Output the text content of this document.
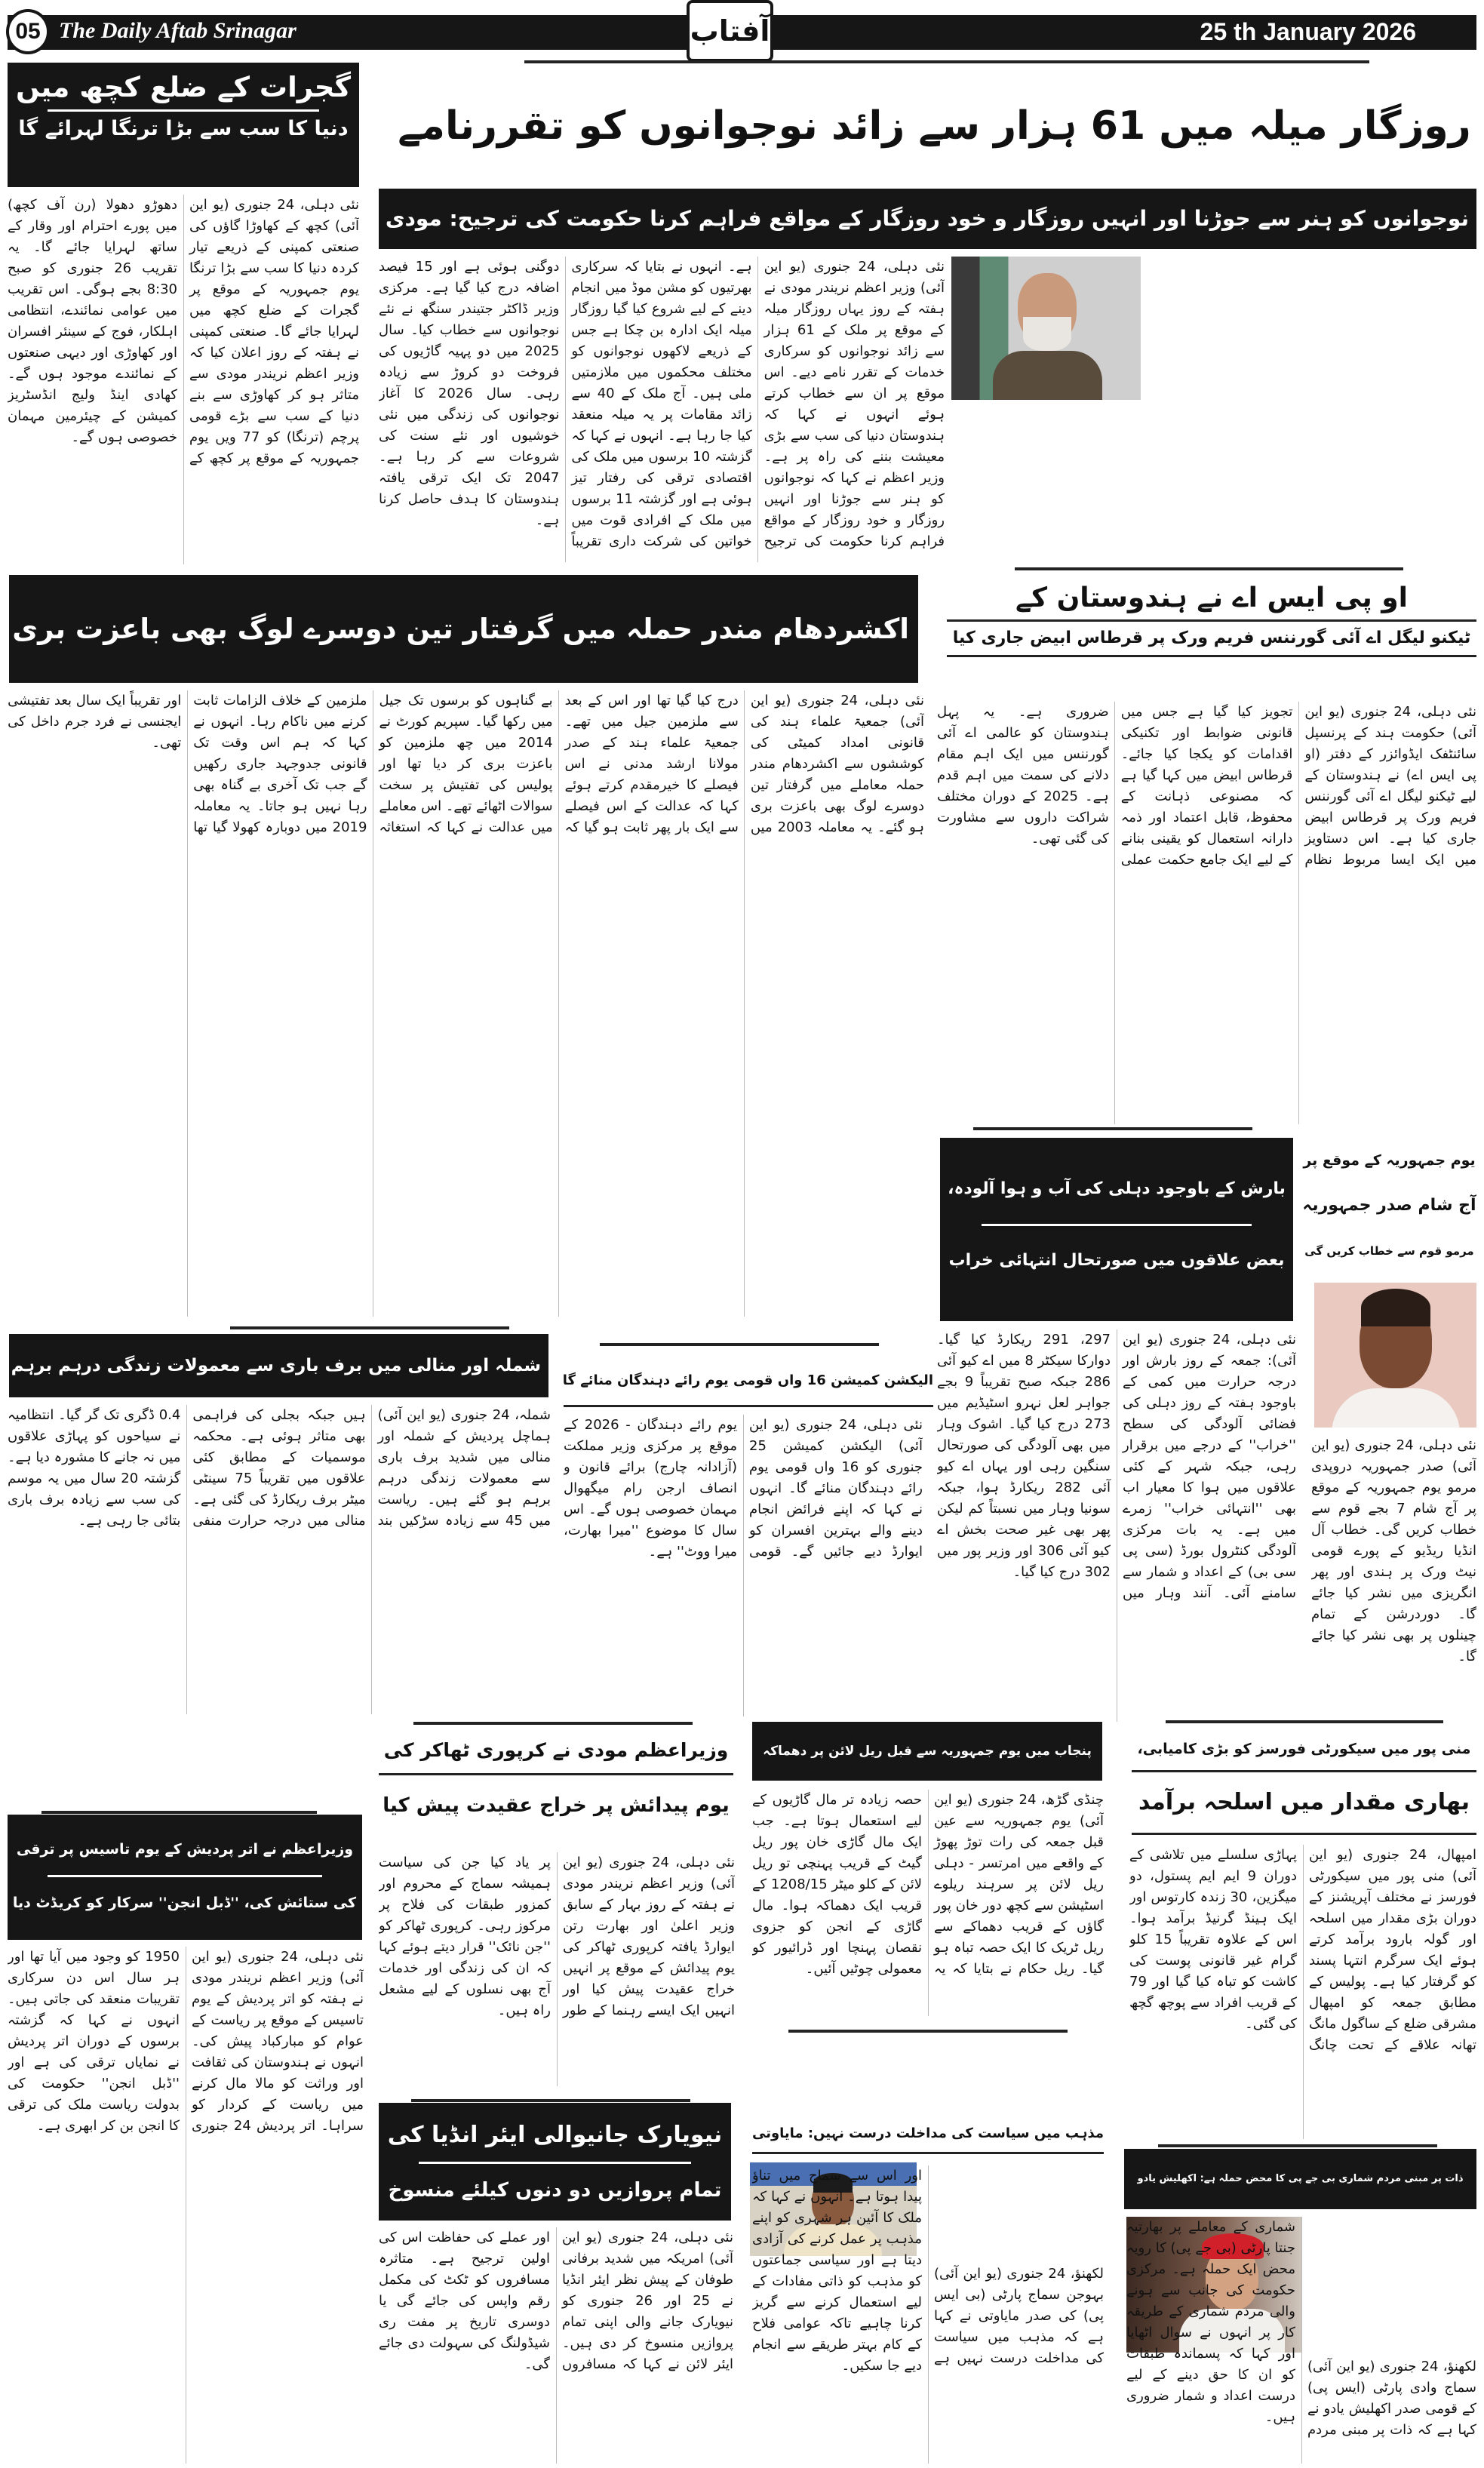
05 The Daily Aftab Srinagar	آفتاب	25 th January 2026
گجرات کے ضلع کچھ میں
دنیا کا سب سے بڑا ترنگا لہرائے گا
نئی دہلی، 24 جنوری (یو این آئی) کچھ کے کھاوڑا گاؤں کی صنعتی کمپنی کے ذریعے تیار کردہ دنیا کا سب سے بڑا ترنگا یوم جمہوریہ کے موقع پر گجرات کے ضلع کچھ میں لہرایا جائے گا۔ صنعتی کمپنی نے ہفتہ کے روز اعلان کیا کہ وزیر اعظم نریندر مودی سے متاثر ہو کر کھاوڑی سے بنے دنیا کے سب سے بڑے قومی پرچم (ترنگا) کو 77 ویں یوم جمہوریہ کے موقع پر کچھ کے دھوڑو دھولا (رن آف کچھ) میں پورے احترام اور وقار کے ساتھ لہرایا جائے گا۔ یہ تقریب 26 جنوری کو صبح 8:30 بجے ہوگی۔ اس تقریب میں عوامی نمائندے، انتظامی اہلکار، فوج کے سینئر افسران اور کھاوڑی اور دیہی صنعتوں کے نمائندے موجود ہوں گے۔ کھادی اینڈ ولیج انڈسٹریز کمیشن کے چیئرمین مہمان خصوصی ہوں گے۔
روزگار میلہ میں 61 ہزار سے زائد نوجوانوں کو تقررنامے
نوجوانوں کو ہنر سے جوڑنا اور انہیں روزگار و خود روزگار کے مواقع فراہم کرنا حکومت کی ترجیح: مودی
نئی دہلی، 24 جنوری (یو این آئی) وزیر اعظم نریندر مودی نے ہفتہ کے روز یہاں روزگار میلہ کے موقع پر ملک کے 61 ہزار سے زائد نوجوانوں کو سرکاری خدمات کے تقرر نامے دیے۔ اس موقع پر ان سے خطاب کرتے ہوئے انہوں نے کہا کہ ہندوستان دنیا کی سب سے بڑی معیشت بننے کی راہ پر ہے۔ وزیر اعظم نے کہا کہ نوجوانوں کو ہنر سے جوڑنا اور انہیں روزگار و خود روزگار کے مواقع فراہم کرنا حکومت کی ترجیح ہے۔ انہوں نے بتایا کہ سرکاری بھرتیوں کو مشن موڈ میں انجام دینے کے لیے شروع کیا گیا روزگار میلہ ایک ادارہ بن چکا ہے جس کے ذریعے لاکھوں نوجوانوں کو مختلف محکموں میں ملازمتیں ملی ہیں۔ آج ملک کے 40 سے زائد مقامات پر یہ میلہ منعقد کیا جا رہا ہے۔ انہوں نے کہا کہ گزشتہ 10 برسوں میں ملک کی اقتصادی ترقی کی رفتار تیز ہوئی ہے اور گزشتہ 11 برسوں میں ملک کے افرادی قوت میں خواتین کی شرکت داری تقریباً دوگنی ہوئی ہے اور 15 فیصد اضافہ درج کیا گیا ہے۔ مرکزی وزیر ڈاکٹر جتیندر سنگھ نے نئے نوجوانوں سے خطاب کیا۔ سال 2025 میں دو پہیہ گاڑیوں کی فروخت دو کروڑ سے زیادہ رہی۔ سال 2026 کا آغاز نوجوانوں کی زندگی میں نئی خوشیوں اور نئے سنت کی شروعات سے کر رہا ہے۔ 2047 تک ایک ترقی یافتہ ہندوستان کا ہدف حاصل کرنا ہے۔
اکشردھام مندر حملہ میں گرفتار تین دوسرے لوگ بھی باعزت بری
نئی دہلی، 24 جنوری (یو این آئی) جمعیۃ علماء ہند کی قانونی امداد کمیٹی کی کوششوں سے اکشردھام مندر حملہ معاملے میں گرفتار تین دوسرے لوگ بھی باعزت بری ہو گئے۔ یہ معاملہ 2003 میں درج کیا گیا تھا اور اس کے بعد سے ملزمین جیل میں تھے۔ جمعیۃ علماء ہند کے صدر مولانا ارشد مدنی نے اس فیصلے کا خیرمقدم کرتے ہوئے کہا کہ عدالت کے اس فیصلے سے ایک بار پھر ثابت ہو گیا کہ بے گناہوں کو برسوں تک جیل میں رکھا گیا۔ سپریم کورٹ نے 2014 میں چھ ملزمین کو باعزت بری کر دیا تھا اور پولیس کی تفتیش پر سخت سوالات اٹھائے تھے۔ اس معاملے میں عدالت نے کہا کہ استغاثہ ملزمین کے خلاف الزامات ثابت کرنے میں ناکام رہا۔ انہوں نے کہا کہ ہم اس وقت تک قانونی جدوجہد جاری رکھیں گے جب تک آخری بے گناہ بھی رہا نہیں ہو جاتا۔ یہ معاملہ 2019 میں دوبارہ کھولا گیا تھا اور تقریباً ایک سال بعد تفتیشی ایجنسی نے فرد جرم داخل کی تھی۔
او پی ایس اے نے ہندوستان کے
ٹیکنو لیگل اے آئی گورننس فریم ورک پر قرطاس ابیض جاری کیا
نئی دہلی، 24 جنوری (یو این آئی) حکومت ہند کے پرنسپل سائنٹفک ایڈوائزر کے دفتر (او پی ایس اے) نے ہندوستان کے لیے ٹیکنو لیگل اے آئی گورننس فریم ورک پر قرطاس ابیض جاری کیا ہے۔ اس دستاویز میں ایک ایسا مربوط نظام تجویز کیا گیا ہے جس میں قانونی ضوابط اور تکنیکی اقدامات کو یکجا کیا جائے۔ قرطاس ابیض میں کہا گیا ہے کہ مصنوعی ذہانت کے محفوظ، قابل اعتماد اور ذمہ دارانہ استعمال کو یقینی بنانے کے لیے ایک جامع حکمت عملی ضروری ہے۔ یہ پہل ہندوستان کو عالمی اے آئی گورننس میں ایک اہم مقام دلانے کی سمت میں اہم قدم ہے۔ 2025 کے دوران مختلف شراکت داروں سے مشاورت کی گئی تھی۔
بارش کے باوجود دہلی کی آب و ہوا آلودہ،
بعض علاقوں میں صورتحال انتہائی خراب
نئی دہلی، 24 جنوری (یو این آئی): جمعہ کے روز بارش اور درجہ حرارت میں کمی کے باوجود ہفتہ کے روز دہلی کی فضائی آلودگی کی سطح ''خراب'' کے درجے میں برقرار رہی، جبکہ شہر کے کئی علاقوں میں ہوا کا معیار اب بھی ''انتہائی خراب'' زمرے میں ہے۔ یہ بات مرکزی آلودگی کنٹرول بورڈ (سی پی سی بی) کے اعداد و شمار سے سامنے آئی۔ آنند وہار میں 297، 291 ریکارڈ کیا گیا۔ دوارکا سیکٹر 8 میں اے کیو آئی 286 جبکہ صبح تقریباً 9 بجے جواہر لعل نہرو اسٹیڈیم میں 273 درج کیا گیا۔ اشوک وہار میں بھی آلودگی کی صورتحال سنگین رہی اور یہاں اے کیو آئی 282 ریکارڈ ہوا، جبکہ سونیا وہار میں نسبتاً کم لیکن پھر بھی غیر صحت بخش اے کیو آئی 306 اور وزیر پور میں 302 درج کیا گیا۔
یوم جمہوریہ کے موقع پر
آج شام صدر جمہوریہ
مرمو قوم سے خطاب کریں گی
نئی دہلی، 24 جنوری (یو این آئی) صدر جمہوریہ دروپدی مرمو یوم جمہوریہ کے موقع پر آج شام 7 بجے قوم سے خطاب کریں گی۔ خطاب آل انڈیا ریڈیو کے پورے قومی نیٹ ورک پر ہندی اور پھر انگریزی میں نشر کیا جائے گا۔ دوردرشن کے تمام چینلوں پر بھی نشر کیا جائے گا۔
شملہ اور منالی میں برف باری سے معمولات زندگی درہم برہم
شملہ، 24 جنوری (یو این آئی) ہماچل پردیش کے شملہ اور منالی میں شدید برف باری سے معمولات زندگی درہم برہم ہو گئے ہیں۔ ریاست میں 45 سے زیادہ سڑکیں بند ہیں جبکہ بجلی کی فراہمی بھی متاثر ہوئی ہے۔ محکمہ موسمیات کے مطابق کئی علاقوں میں تقریباً 75 سینٹی میٹر برف ریکارڈ کی گئی ہے۔ منالی میں درجہ حرارت منفی 0.4 ڈگری تک گر گیا۔ انتظامیہ نے سیاحوں کو پہاڑی علاقوں میں نہ جانے کا مشورہ دیا ہے۔ گزشتہ 20 سال میں یہ موسم کی سب سے زیادہ برف باری بتائی جا رہی ہے۔
الیکشن کمیشن 16 واں قومی یوم رائے دہندگان منائے گا
نئی دہلی، 24 جنوری (یو این آئی) الیکشن کمیشن 25 جنوری کو 16 واں قومی یوم رائے دہندگان منائے گا۔ انہوں نے کہا کہ اپنے فرائض انجام دینے والے بہترین افسران کو ایوارڈ دیے جائیں گے۔ قومی یوم رائے دہندگان - 2026 کے موقع پر مرکزی وزیر مملکت (آزادانہ چارج) برائے قانون و انصاف ارجن رام میگھوال مہمان خصوصی ہوں گے۔ اس سال کا موضوع ''میرا بھارت، میرا ووٹ'' ہے۔
وزیراعظم نے اتر پردیش کے یوم تاسیس پر ترقی
کی ستائش کی، ''ڈبل انجن'' سرکار کو کریڈٹ دیا
نئی دہلی، 24 جنوری (یو این آئی) وزیر اعظم نریندر مودی نے ہفتہ کو اتر پردیش کے یوم تاسیس کے موقع پر ریاست کے عوام کو مبارکباد پیش کی۔ انہوں نے ہندوستان کی ثقافت اور وراثت کو مالا مال کرنے میں ریاست کے کردار کو سراہا۔ اتر پردیش 24 جنوری 1950 کو وجود میں آیا تھا اور ہر سال اس دن سرکاری تقریبات منعقد کی جاتی ہیں۔ انہوں نے کہا کہ گزشتہ برسوں کے دوران اتر پردیش نے نمایاں ترقی کی ہے اور ''ڈبل انجن'' حکومت کی بدولت ریاست ملک کی ترقی کا انجن بن کر ابھری ہے۔
وزیراعظم مودی نے کرپوری ٹھاکر کی
یوم پیدائش پر خراج عقیدت پیش کیا
نئی دہلی، 24 جنوری (یو این آئی) وزیر اعظم نریندر مودی نے ہفتہ کے روز بہار کے سابق وزیر اعلیٰ اور بھارت رتن ایوارڈ یافتہ کرپوری ٹھاکر کی یوم پیدائش کے موقع پر انہیں خراج عقیدت پیش کیا اور انہیں ایک ایسے رہنما کے طور پر یاد کیا جن کی سیاست ہمیشہ سماج کے محروم اور کمزور طبقات کی فلاح پر مرکوز رہی۔ کرپوری ٹھاکر کو ''جن نائک'' قرار دیتے ہوئے کہا کہ ان کی زندگی اور خدمات آج بھی نسلوں کے لیے مشعل راہ ہیں۔
پنجاب میں یوم جمہوریہ سے قبل ریل لائن پر دھماکہ
چنڈی گڑھ، 24 جنوری (یو این آئی) یوم جمہوریہ سے عین قبل جمعہ کی رات توڑ پھوڑ کے واقعے میں امرتسر - دہلی ریل لائن پر سرہند ریلوے اسٹیشن سے کچھ دور خان پور گاؤں کے قریب دھماکے سے ریل ٹریک کا ایک حصہ تباہ ہو گیا۔ ریل حکام نے بتایا کہ یہ حصہ زیادہ تر مال گاڑیوں کے لیے استعمال ہوتا ہے۔ جب ایک مال گاڑی خان پور ریل گیٹ کے قریب پہنچی تو ریل لائن کے کلو میٹر 1208/15 کے قریب ایک دھماکہ ہوا۔ مال گاڑی کے انجن کو جزوی نقصان پہنچا اور ڈرائیور کو معمولی چوٹیں آئیں۔
منی پور میں سیکورٹی فورسز کو بڑی کامیابی،
بھاری مقدار میں اسلحہ برآمد
امپھال، 24 جنوری (یو این آئی) منی پور میں سیکورٹی فورسز نے مختلف آپریشنز کے دوران بڑی مقدار میں اسلحہ اور گولہ بارود برآمد کرتے ہوئے ایک سرگرم انتہا پسند کو گرفتار کیا ہے۔ پولیس کے مطابق جمعہ کو امپھال مشرقی ضلع کے ساگول مانگ تھانہ علاقے کے تحت چانگ پہاڑی سلسلے میں تلاشی کے دوران 9 ایم ایم پستول، دو میگزین، 30 زندہ کارتوس اور ایک ہینڈ گرنیڈ برآمد ہوا۔ اس کے علاوہ تقریباً 15 کلو گرام غیر قانونی پوست کی کاشت کو تباہ کیا گیا اور 79 کے قریب افراد سے پوچھ گچھ کی گئی۔
نیویارک جانیوالی ایئر انڈیا کی
تمام پروازیں دو دنوں کیلئے منسوخ
نئی دہلی، 24 جنوری (یو این آئی) امریکہ میں شدید برفانی طوفان کے پیش نظر ایئر انڈیا نے 25 اور 26 جنوری کو نیویارک جانے والی اپنی تمام پروازیں منسوخ کر دی ہیں۔ ایئر لائن نے کہا کہ مسافروں اور عملے کی حفاظت اس کی اولین ترجیح ہے۔ متاثرہ مسافروں کو ٹکٹ کی مکمل رقم واپس کی جائے گی یا دوسری تاریخ پر مفت ری شیڈولنگ کی سہولت دی جائے گی۔
مذہب میں سیاست کی مداخلت درست نہیں: مایاوتی
لکھنؤ، 24 جنوری (یو این آئی) بہوجن سماج پارٹی (بی ایس پی) کی صدر مایاوتی نے کہا ہے کہ مذہب میں سیاست کی مداخلت درست نہیں ہے اور اس سے سماج میں تناؤ پیدا ہوتا ہے۔ انہوں نے کہا کہ ملک کا آئین ہر شہری کو اپنے مذہب پر عمل کرنے کی آزادی دیتا ہے اور سیاسی جماعتوں کو مذہب کو ذاتی مفادات کے لیے استعمال کرنے سے گریز کرنا چاہیے تاکہ عوامی فلاح کے کام بہتر طریقے سے انجام دیے جا سکیں۔
ذات پر مبنی مردم شماری بی جے پی کا محض حملہ ہے: اکھلیش یادو
لکھنؤ، 24 جنوری (یو این آئی) سماج وادی پارٹی (ایس پی) کے قومی صدر اکھلیش یادو نے کہا ہے کہ ذات پر مبنی مردم شماری کے معاملے پر بھارتیہ جنتا پارٹی (بی جے پی) کا رویہ محض ایک حملہ ہے۔ مرکزی حکومت کی جانب سے ہونے والی مردم شماری کے طریقہ کار پر انہوں نے سوال اٹھایا اور کہا کہ پسماندہ طبقات کو ان کا حق دینے کے لیے درست اعداد و شمار ضروری ہیں۔
